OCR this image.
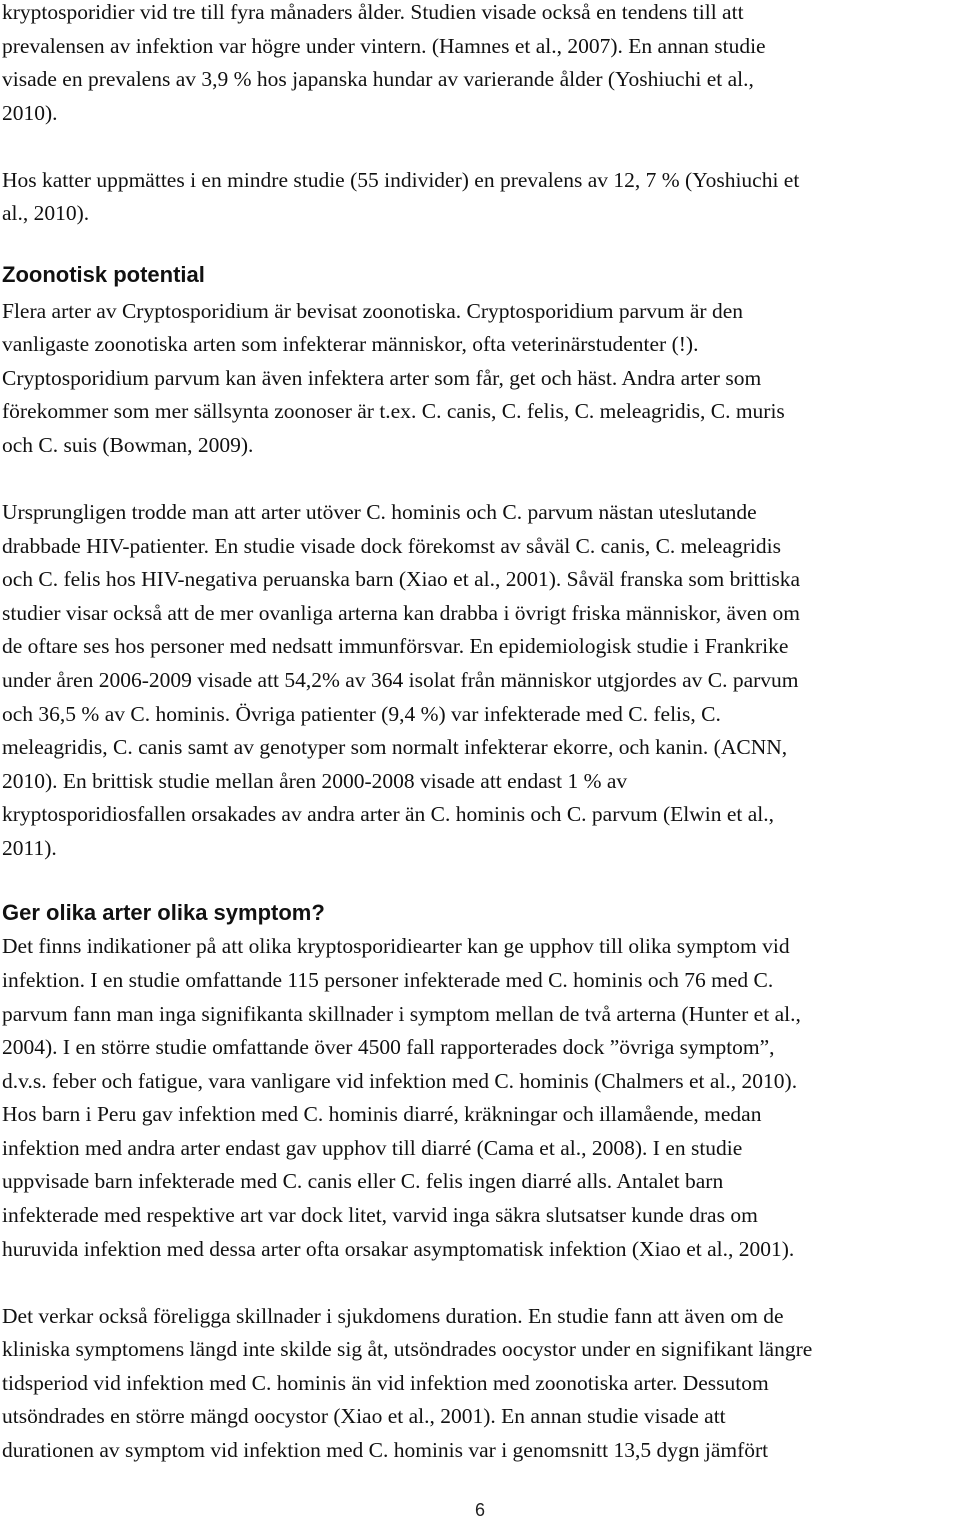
kryptosporidier vid tre till fyra månaders ålder. Studien visade också en tendens till att
prevalensen av infektion var högre under vintern. (Hamnes et al., 2007). En annan studie
visade en prevalens av 3,9 % hos japanska hundar av varierande ålder (Yoshiuchi et al.,
2010).
Hos katter uppmättes i en mindre studie (55 individer) en prevalens av 12, 7 % (Yoshiuchi et
al., 2010).
Zoonotisk potential
Flera arter av Cryptosporidium är bevisat zoonotiska. Cryptosporidium parvum är den
vanligaste zoonotiska arten som infekterar människor, ofta veterinärstudenter (!).
Cryptosporidium parvum kan även infektera arter som får, get och häst. Andra arter som
förekommer som mer sällsynta zoonoser är t.ex. C. canis, C. felis, C. meleagridis, C. muris
och C. suis (Bowman, 2009).
Ursprungligen trodde man att arter utöver C. hominis och C. parvum nästan uteslutande
drabbade HIV-patienter. En studie visade dock förekomst av såväl C. canis, C. meleagridis
och C. felis hos HIV-negativa peruanska barn (Xiao et al., 2001). Såväl franska som brittiska
studier visar också att de mer ovanliga arterna kan drabba i övrigt friska människor, även om
de oftare ses hos personer med nedsatt immunförsvar. En epidemiologisk studie i Frankrike
under åren 2006-2009 visade att 54,2% av 364 isolat från människor utgjordes av C. parvum
och 36,5 % av C. hominis. Övriga patienter (9,4 %) var infekterade med C. felis, C.
meleagridis, C. canis samt av genotyper som normalt infekterar ekorre, och kanin. (ACNN,
2010). En brittisk studie mellan åren 2000-2008 visade att endast 1 % av
kryptosporidiosfallen orsakades av andra arter än C. hominis och C. parvum (Elwin et al.,
2011).
Ger olika arter olika symptom?
Det finns indikationer på att olika kryptosporidiearter kan ge upphov till olika symptom vid
infektion. I en studie omfattande 115 personer infekterade med C. hominis och 76 med C.
parvum fann man inga signifikanta skillnader i symptom mellan de två arterna (Hunter et al.,
2004). I en större studie omfattande över 4500 fall rapporterades dock ”övriga symptom”,
d.v.s. feber och fatigue, vara vanligare vid infektion med C. hominis (Chalmers et al., 2010).
Hos barn i Peru gav infektion med C. hominis diarré, kräkningar och illamående, medan
infektion med andra arter endast gav upphov till diarré (Cama et al., 2008). I en studie
uppvisade barn infekterade med C. canis eller C. felis ingen diarré alls. Antalet barn
infekterade med respektive art var dock litet, varvid inga säkra slutsatser kunde dras om
huruvida infektion med dessa arter ofta orsakar asymptomatisk infektion (Xiao et al., 2001).
Det verkar också föreligga skillnader i sjukdomens duration. En studie fann att även om de
kliniska symptomens längd inte skilde sig åt, utsöndrades oocystor under en signifikant längre
tidsperiod vid infektion med C. hominis än vid infektion med zoonotiska arter. Dessutom
utsöndrades en större mängd oocystor (Xiao et al., 2001). En annan studie visade att
durationen av symptom vid infektion med C. hominis var i genomsnitt 13,5 dygn jämfört
6
